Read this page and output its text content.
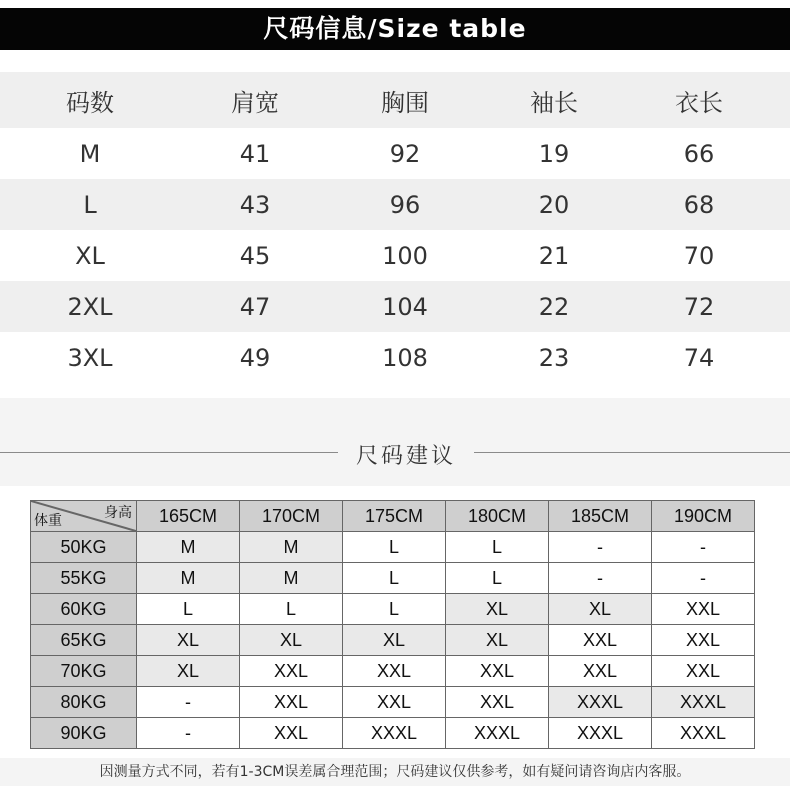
尺码信息/Size table
码数	肩宽	胸围	袖长	衣长
M	41	92	19	66
L	43	96	20	68
XL	45	100	21	70
2XL	47	104	22	72
3XL	49	108	23	74
尺码建议
身高
体重	165CM	170CM	175CM	180CM	185CM	190CM
50KG	M	M	L	L	-	-
55KG	M	M	L	L	-	-
60KG	L	L	L	XL	XL	XXL
65KG	XL	XL	XL	XL	XXL	XXL
70KG	XL	XXL	XXL	XXL	XXL	XXL
80KG	-	XXL	XXL	XXL	XXXL	XXXL
90KG	-	XXL	XXXL	XXXL	XXXL	XXXL
因测量方式不同，若有1-3CM误差属合理范围；尺码建议仅供参考，如有疑问请咨询店内客服。
